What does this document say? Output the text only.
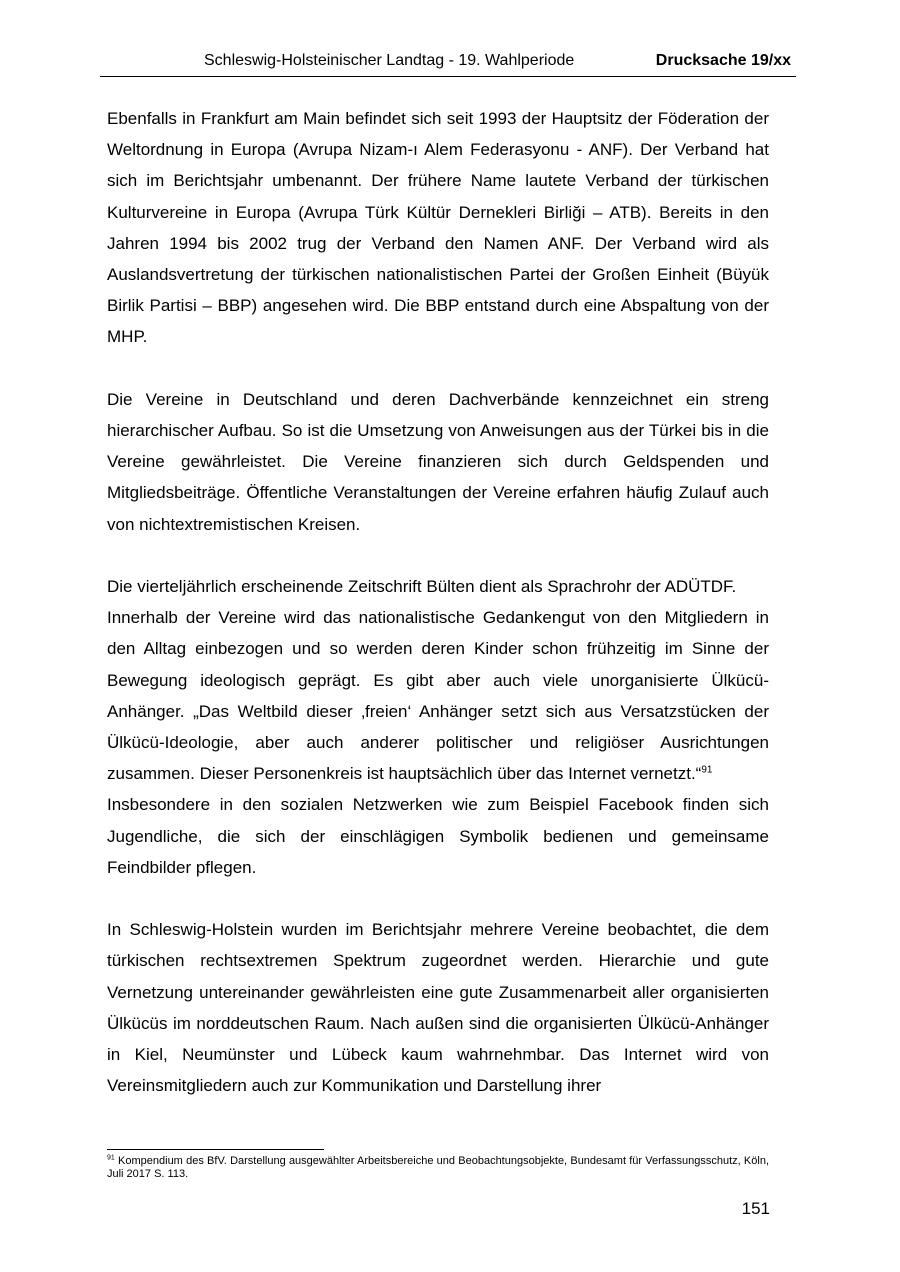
Schleswig-Holsteinischer Landtag - 19. Wahlperiode	Drucksache 19/xx

Ebenfalls in Frankfurt am Main befindet sich seit 1993 der Hauptsitz der Föderation der Weltordnung in Europa (Avrupa Nizam-ı Alem Federasyonu - ANF). Der Verband hat sich im Berichtsjahr umbenannt. Der frühere Name lautete Verband der türkischen Kulturvereine in Europa (Avrupa Türk Kültür Dernekleri Birliği – ATB). Bereits in den Jahren 1994 bis 2002 trug der Verband den Namen ANF. Der Verband wird als Auslandsvertretung der türkischen nationalistischen Partei der Großen Einheit (Büyük Birlik Partisi – BBP) angesehen wird. Die BBP entstand durch eine Abspaltung von der MHP.

Die Vereine in Deutschland und deren Dachverbände kennzeichnet ein streng hierarchischer Aufbau. So ist die Umsetzung von Anweisungen aus der Türkei bis in die Vereine gewährleistet. Die Vereine finanzieren sich durch Geldspenden und Mitgliedsbeiträge. Öffentliche Veranstaltungen der Vereine erfahren häufig Zulauf auch von nichtextremistischen Kreisen.

Die vierteljährlich erscheinende Zeitschrift Bülten dient als Sprachrohr der ADÜTDF.

Innerhalb der Vereine wird das nationalistische Gedankengut von den Mitgliedern in den Alltag einbezogen und so werden deren Kinder schon frühzeitig im Sinne der Bewegung ideologisch geprägt. Es gibt aber auch viele unorganisierte Ülkücü-Anhänger. „Das Weltbild dieser ‚freien‘ Anhänger setzt sich aus Versatzstücken der Ülkücü-Ideologie, aber auch anderer politischer und religiöser Ausrichtungen zusammen. Dieser Personenkreis ist hauptsächlich über das Internet vernetzt.“$^{91}$

Insbesondere in den sozialen Netzwerken wie zum Beispiel Facebook finden sich Jugendliche, die sich der einschlägigen Symbolik bedienen und gemeinsame Feindbilder pflegen.

In Schleswig-Holstein wurden im Berichtsjahr mehrere Vereine beobachtet, die dem türkischen rechtsextremen Spektrum zugeordnet werden. Hierarchie und gute Vernetzung untereinander gewährleisten eine gute Zusammenarbeit aller organisierten Ülkücüs im norddeutschen Raum. Nach außen sind die organisierten Ülkücü-Anhänger in Kiel, Neumünster und Lübeck kaum wahrnehmbar. Das Internet wird von Vereinsmitgliedern auch zur Kommunikation und Darstellung ihrer

$^{91}$ Kompendium des BfV. Darstellung ausgewählter Arbeitsbereiche und Beobachtungsobjekte, Bundesamt für Verfassungsschutz, Köln, Juli 2017 S. 113.
151
